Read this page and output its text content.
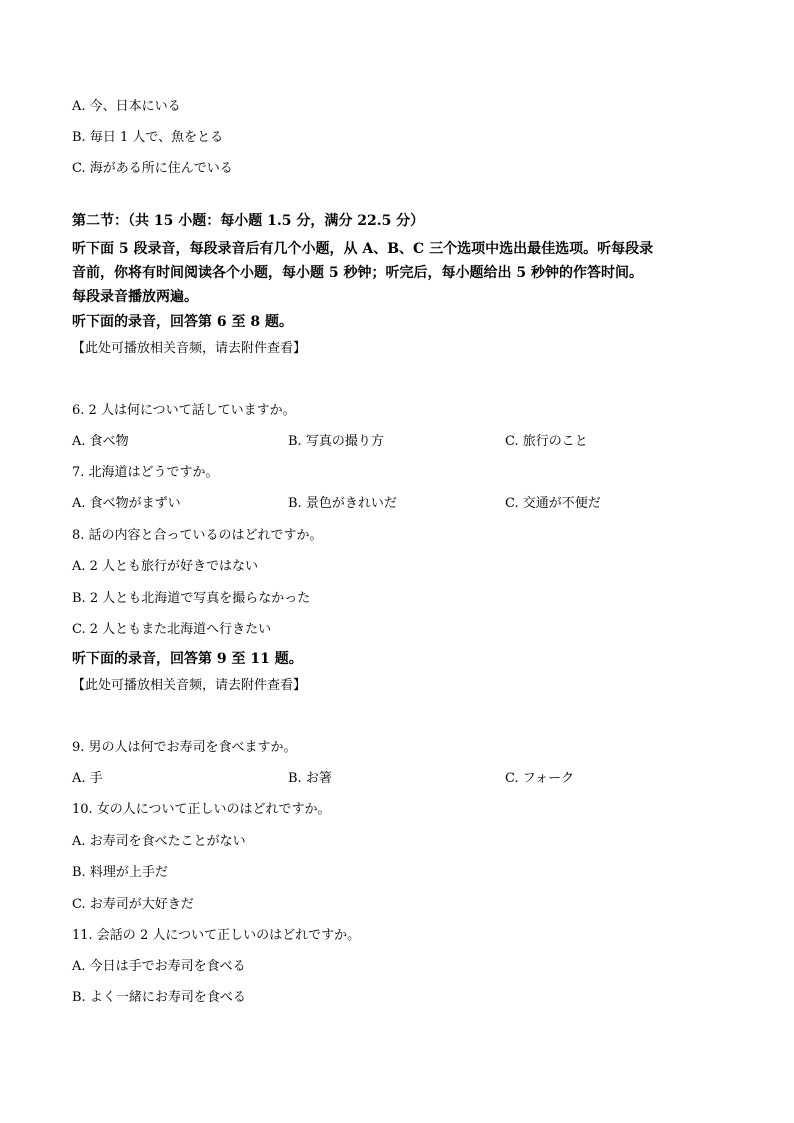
A. 今、日本にいる
B. 毎日 1 人で、魚をとる
C. 海がある所に住んでいる
第二节：（共 15 小题：每小题 1.5 分，满分 22.5 分）
听下面 5 段录音，每段录音后有几个小题，从 A、B、C 三个选项中选出最佳选项。听每段录
音前，你将有时间阅读各个小题，每小题 5 秒钟；听完后，每小题给出 5 秒钟的作答时间。
每段录音播放两遍。
听下面的录音，回答第 6 至 8 题。
【此处可播放相关音频，请去附件查看】
6. 2 人は何について話していますか。
A. 食べ物	B. 写真の撮り方	C. 旅行のこと
7. 北海道はどうですか。
A. 食べ物がまずい	B. 景色がきれいだ	C. 交通が不便だ
8. 話の内容と合っているのはどれですか。
A. 2 人とも旅行が好きではない
B. 2 人とも北海道で写真を撮らなかった
C. 2 人ともまた北海道へ行きたい
听下面的录音，回答第 9 至 11 题。
【此处可播放相关音频，请去附件查看】
9. 男の人は何でお寿司を食べますか。
A. 手	B. お箸	C. フォーク
10. 女の人について正しいのはどれですか。
A. お寿司を食べたことがない
B. 料理が上手だ
C. お寿司が大好きだ
11. 会話の 2 人について正しいのはどれですか。
A. 今日は手でお寿司を食べる
B. よく一緒にお寿司を食べる
